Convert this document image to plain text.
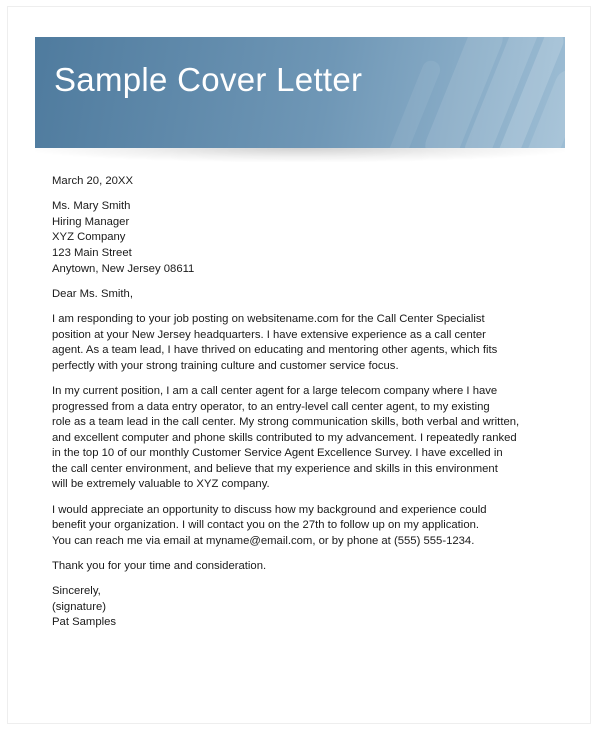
Sample Cover Letter

March 20, 20XX

Ms. Mary Smith
Hiring Manager
XYZ Company
123 Main Street
Anytown, New Jersey 08611

Dear Ms. Smith,

I am responding to your job posting on websitename.com for the Call Center Specialist
position at your New Jersey headquarters. I have extensive experience as a call center
agent. As a team lead, I have thrived on educating and mentoring other agents, which fits
perfectly with your strong training culture and customer service focus.

In my current position, I am a call center agent for a large telecom company where I have
progressed from a data entry operator, to an entry-level call center agent, to my existing
role as a team lead in the call center. My strong communication skills, both verbal and written,
and excellent computer and phone skills contributed to my advancement. I repeatedly ranked
in the top 10 of our monthly Customer Service Agent Excellence Survey. I have excelled in
the call center environment, and believe that my experience and skills in this environment
will be extremely valuable to XYZ company.

I would appreciate an opportunity to discuss how my background and experience could
benefit your organization. I will contact you on the 27th to follow up on my application.
You can reach me via email at myname@email.com, or by phone at (555) 555-1234.

Thank you for your time and consideration.

Sincerely,
(signature)
Pat Samples
